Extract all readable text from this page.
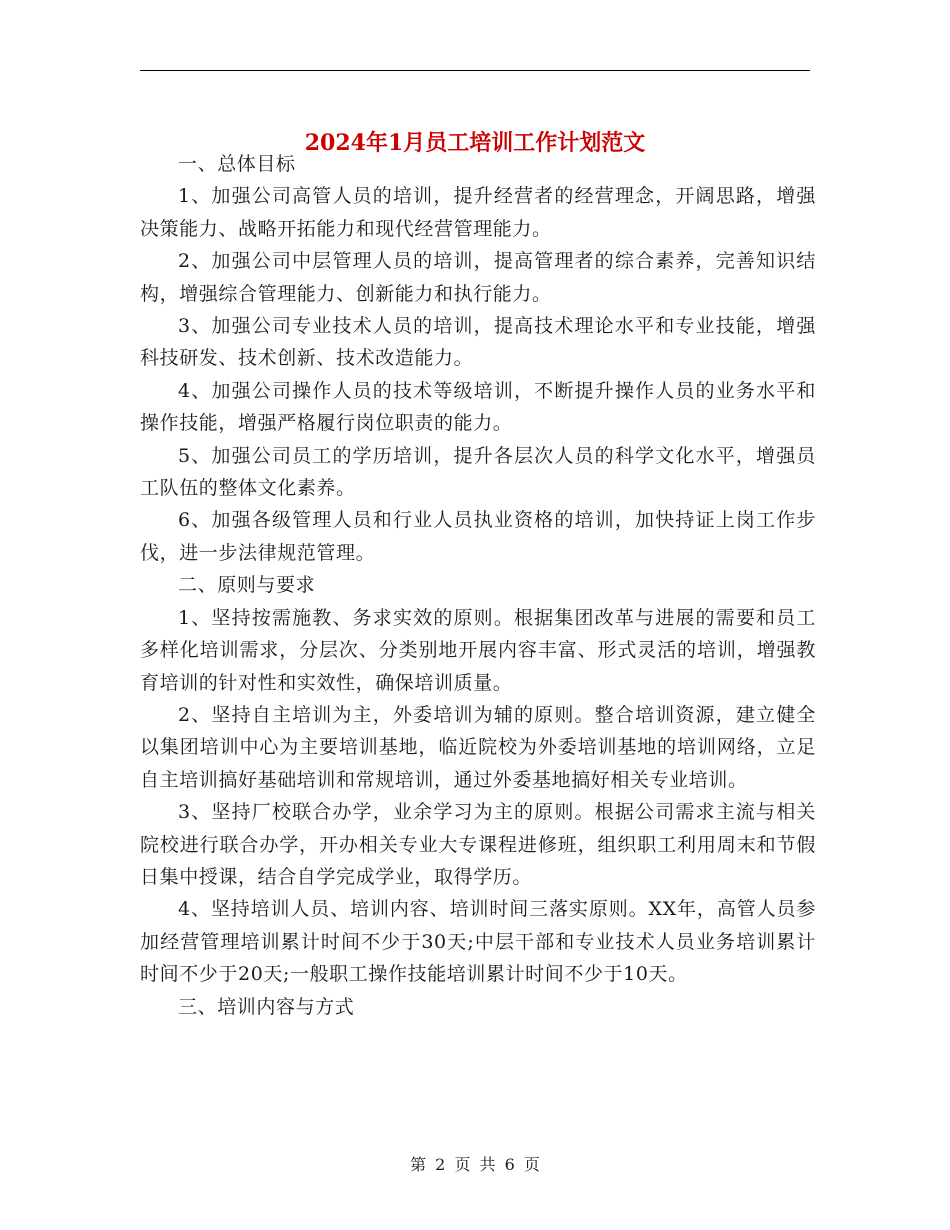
2024年1月员工培训工作计划范文

一、总体目标

1、加强公司高管人员的培训，提升经营者的经营理念，开阔思路，增强决策能力、战略开拓能力和现代经营管理能力。

2、加强公司中层管理人员的培训，提高管理者的综合素养，完善知识结构，增强综合管理能力、创新能力和执行能力。

3、加强公司专业技术人员的培训，提高技术理论水平和专业技能，增强科技研发、技术创新、技术改造能力。

4、加强公司操作人员的技术等级培训，不断提升操作人员的业务水平和操作技能，增强严格履行岗位职责的能力。

5、加强公司员工的学历培训，提升各层次人员的科学文化水平，增强员工队伍的整体文化素养。

6、加强各级管理人员和行业人员执业资格的培训，加快持证上岗工作步伐，进一步法律规范管理。

二、原则与要求

1、坚持按需施教、务求实效的原则。根据集团改革与进展的需要和员工多样化培训需求，分层次、分类别地开展内容丰富、形式灵活的培训，增强教育培训的针对性和实效性，确保培训质量。

2、坚持自主培训为主，外委培训为辅的原则。整合培训资源，建立健全以集团培训中心为主要培训基地，临近院校为外委培训基地的培训网络，立足自主培训搞好基础培训和常规培训，通过外委基地搞好相关专业培训。

3、坚持厂校联合办学，业余学习为主的原则。根据公司需求主流与相关院校进行联合办学，开办相关专业大专课程进修班，组织职工利用周末和节假日集中授课，结合自学完成学业，取得学历。

4、坚持培训人员、培训内容、培训时间三落实原则。XX年，高管人员参加经营管理培训累计时间不少于30天;中层干部和专业技术人员业务培训累计时间不少于20天;一般职工操作技能培训累计时间不少于10天。

三、培训内容与方式

第 2 页 共 6 页
